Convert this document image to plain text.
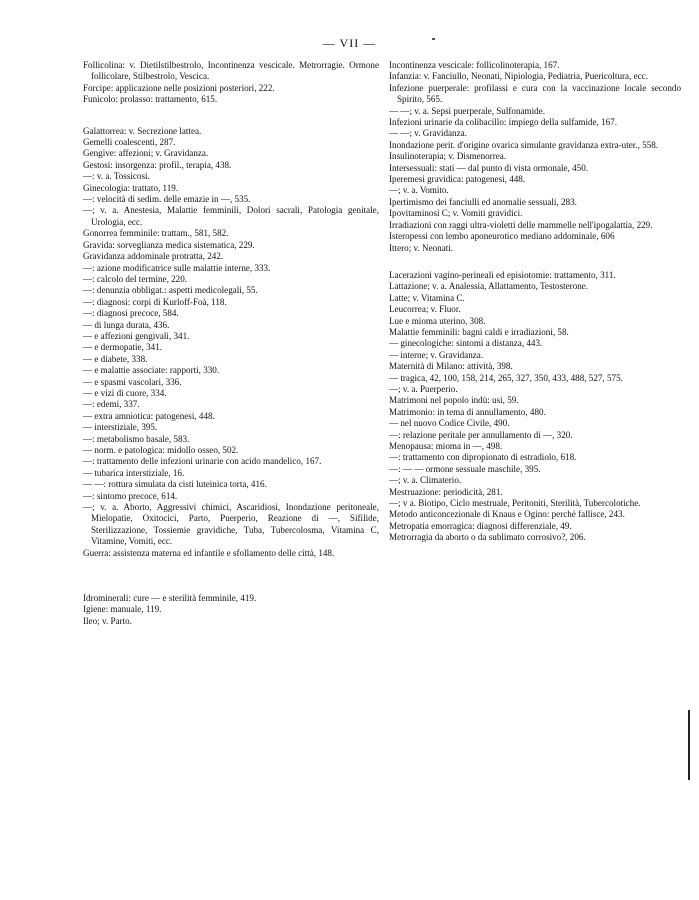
— VII —

Follicolina: v. Dietilstilbestrolo, Incontinenza vescicale. Metrorragie. Ormone follicolare, Stilbestrolo, Vescica.

Forcipe: applicazione nelle posizioni posteriori, 222.

Funicolo: prolasso: trattamento, 615.

Galattorrea: v. Secrezione lattea.

Gemelli coalescenti, 287.

Gengive: affezioni; v. Gravidanza.

Gestosi: insorgenza: profil., terapia, 438.

—: v. a. Tossicosi.

Ginecologia: trattato, 119.

—: velocità di sedim. delle emazie in —, 535.

—; v. a. Anestesia, Malattie femminili, Dolori sacrali, Patologia genitale, Urologia, ecc.

Gonorrea femminile: trattam., 581, 582.

Gravida: sorveglianza medica sistematica, 229.

Gravidanza addominale protratta, 242.

—: azione modificatrice sulle malattie interne, 333.

—: calcolo del termine, 220.

—: denunzia obbligat.: aspetti medicolegali, 55.

—: diagnosi: corpi di Kurloff-Foà, 118.

—: diagnosi precoce, 584.

— di lunga durata, 436.

— e affezioni gengivali, 341.

— e dermopatie, 341.

— e diabete, 338.

— e malattie associate: rapporti, 330.

— e spasmi vascolari, 336.

— e vizi di cuore, 334.

—: edemi, 337.

— extra amniotica: patogenesi, 448.

— interstiziale, 395.

—: metabolismo basale, 583.

— norm. e patologica: midollo osseo, 502.

—: trattamento delle infezioni urinarie con acido mandelico, 167.

— tubarica interstiziale, 16.

— —: rottura simulata da cisti luteinica torta, 416.

—: sintomo precoce, 614.

—; v. a. Aborto, Aggressivi chimici, Ascaridiosi, Inondazione peritoneale, Mielopatie, Oxitocici, Parto, Puerperio, Reazione di —, Sifilide, Sterilizzazione, Tossiemie gravidiche, Tuba, Tubercolosma, Vitamina C, Vitamine, Vomiti, ecc.

Guerra: assistenza materna ed infantile e sfollamento delle città, 148.

Idrominerali: cure — e sterilità femminile, 419.

Igiene: manuale, 119.

Ileo; v. Parto.

Incontinenza vescicale: follicolinoterapia, 167.

Infanzia: v. Fanciullo, Neonati, Nipiologia, Pediatria, Puericoltura, ecc.

Infezione puerperale: profilassi e cura con la vaccinazione locale secondo Spirito, 565.

— —; v. a. Sepsi puerperale, Sulfonamide.

Infezioni urinarie da colibacillo: impiego della sulfamide, 167.

— —; v. Gravidanza.

Inondazione perit. d'origine ovarica simulante gravidanza extra-uter., 558.

Insulinoterapia; v. Dismenorrea.

Intersessuali: stati — dal punto di vista ormonale, 450.

Iperemesi gravidica: patogenesi, 448.

—; v. a. Vomito.

Ipertimismo dei fanciulli ed anomalie sessuali, 283.

Ipovitaminosi C; v. Vomiti gravidici.

Irradiazioni con raggi ultra-violetti delle mammelle nell'ipogalattia, 229.

Isteropessi con lembo aponeurotico mediano addominale, 606

Ittero; v. Neonati.

Lacerazioni vagino-perineali ed episiotomie: trattamento, 311.

Lattazione; v. a. Analessia, Allattamento, Testosterone.

Latte; v. Vitamina C.

Leucorrea; v. Fluor.

Lue e mioma uterino, 308.

Malattie femminili: bagni caldi e irradiazioni, 58.

— ginecologiche: sintomi a distanza, 443.

— interne; v. Gravidanza.

Maternità di Milano: attività, 398.

— tragica, 42, 100, 158, 214, 265, 327, 350, 433, 488, 527, 575.

—; v. a. Puerperio.

Matrimoni nel popolo indù: usi, 59.

Matrimonio: in tema di annullamento, 480.

— nel nuovo Codice Civile, 490.

—: relazione peritale per annullamento di —, 320.

Menopausa: mioma in —, 498.

—: trattamento con dipropionato di estradiolo, 618.

—: — — ormone sessuale maschile, 395.

—; v. a. Climaterio.

Mestruazione: periodicità, 281.

—; v a. Biotipo, Ciclo mestruale, Peritoniti, Sterilità, Tubercolotiche.

Metodo anticoncezionale di Knaus e Ogino: perchè fallisce, 243.

Metropatia emorragica: diagnosi differenziale, 49.

Metrorragia da aborto o da sublimato corrosivo?, 206.
